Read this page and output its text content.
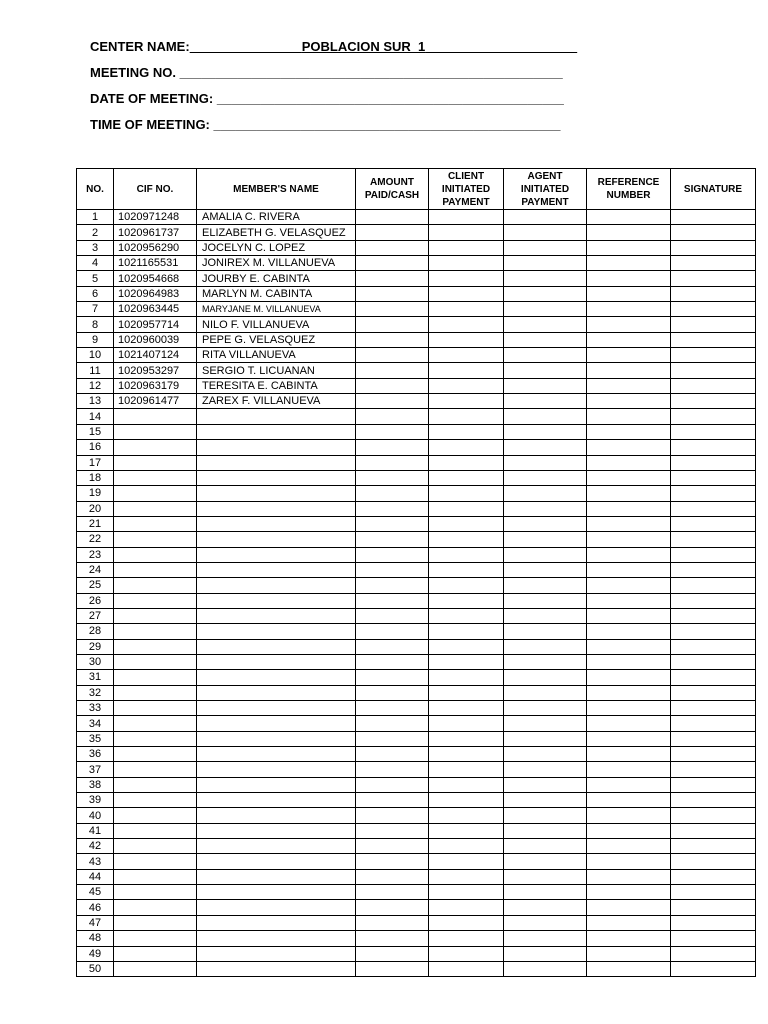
CENTER NAME: _______________POBLACION SUR_1_____________________
MEETING NO. _____________________________________________________
DATE OF MEETING: ________________________________________________
TIME OF MEETING: ________________________________________________
NO.	CIF NO.	MEMBER'S NAME	AMOUNT PAID/CASH	CLIENT INITIATED PAYMENT	AGENT INITIATED PAYMENT	REFERENCE NUMBER	SIGNATURE
1	1020971248	AMALIA C. RIVERA					
2	1020961737	ELIZABETH G. VELASQUEZ					
3	1020956290	JOCELYN C. LOPEZ					
4	1021165531	JONIREX M. VILLANUEVA					
5	1020954668	JOURBY E. CABINTA					
6	1020964983	MARLYN M. CABINTA					
7	1020963445	MARYJANE M. VILLANUEVA					
8	1020957714	NILO F. VILLANUEVA					
9	1020960039	PEPE G. VELASQUEZ					
10	1021407124	RITA VILLANUEVA					
11	1020953297	SERGIO T. LICUANAN					
12	1020963179	TERESITA E. CABINTA					
13	1020961477	ZAREX F. VILLANUEVA					
14							
15							
16							
17							
18							
19							
20							
21							
22							
23							
24							
25							
26							
27							
28							
29							
30							
31							
32							
33							
34							
35							
36							
37							
38							
39							
40							
41							
42							
43							
44							
45							
46							
47							
48							
49							
50							
